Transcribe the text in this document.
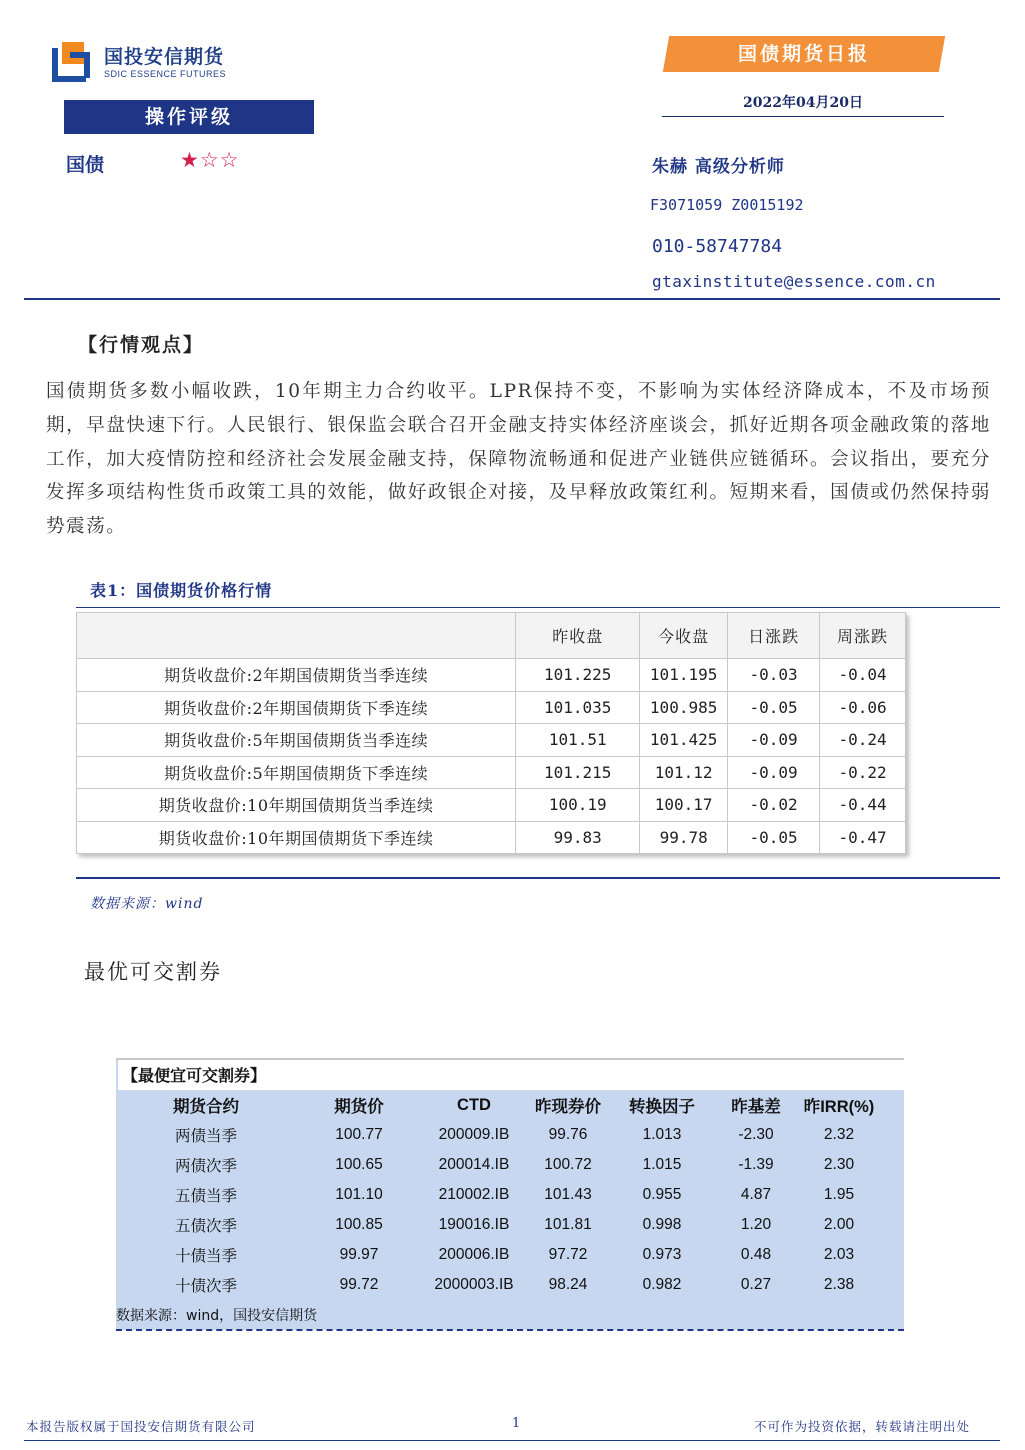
国投安信期货
SDIC ESSENCE FUTURES
国债期货日报
2022年04月20日
操作评级
国债	★☆☆	朱赫 高级分析师
F3071059 Z0015192
010-58747784
gtaxinstitute@essence.com.cn
【行情观点】
国债期货多数小幅收跌，10年期主力合约收平。LPR保持不变，不影响为实体经济降成本，不及市场预期，早盘快速下行。人民银行、银保监会联合召开金融支持实体经济座谈会，抓好近期各项金融政策的落地工作，加大疫情防控和经济社会发展金融支持，保障物流畅通和促进产业链供应链循环。会议指出，要充分发挥多项结构性货币政策工具的效能，做好政银企对接，及早释放政策红利。短期来看，国债或仍然保持弱势震荡。
表1：国债期货价格行情
	昨收盘	今收盘	日涨跌	周涨跌
期货收盘价:2年期国债期货当季连续	101.225	101.195	-0.03	-0.04
期货收盘价:2年期国债期货下季连续	101.035	100.985	-0.05	-0.06
期货收盘价:5年期国债期货当季连续	101.51	101.425	-0.09	-0.24
期货收盘价:5年期国债期货下季连续	101.215	101.12	-0.09	-0.22
期货收盘价:10年期国债期货当季连续	100.19	100.17	-0.02	-0.44
期货收盘价:10年期国债期货下季连续	99.83	99.78	-0.05	-0.47
数据来源：wind
最优可交割券
【最便宜可交割券】
期货合约	期货价	CTD	昨现券价	转换因子	昨基差	昨IRR(%)	
两债当季	100.77	200009.IB	99.76	1.013	-2.30	2.32	
两债次季	100.65	200014.IB	100.72	1.015	-1.39	2.30	
五债当季	101.10	210002.IB	101.43	0.955	4.87	1.95	
五债次季	100.85	190016.IB	101.81	0.998	1.20	2.00	
十债当季	99.97	200006.IB	97.72	0.973	0.48	2.03	
十债次季	99.72	2000003.IB	98.24	0.982	0.27	2.38	
数据来源：wind，国投安信期货
本报告版权属于国投安信期货有限公司	1	不可作为投资依据，转载请注明出处
